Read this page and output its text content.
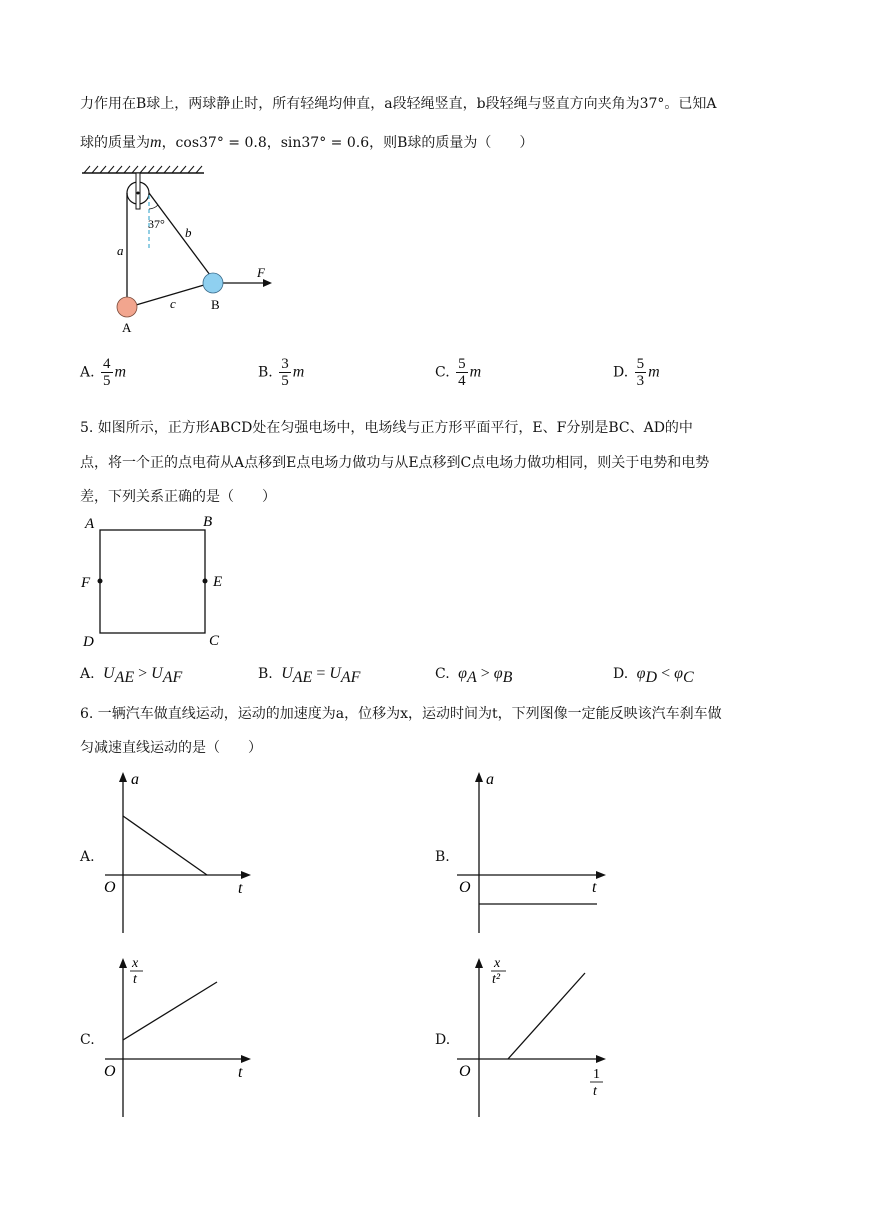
力作用在B球上，两球静止时，所有轻绳均伸直，a段轻绳竖直，b段轻绳与竖直方向夹角为37°。已知A
球的质量为m，cos37° = 0.8，sin37° = 0.6，则B球的质量为（　　）
37°
a
b
c
A
B
F
A. $\frac{4}{5}$ m	B. $\frac{3}{5}$ m	C. $\frac{5}{4}$ m	D. $\frac{5}{3}$ m
5. 如图所示，正方形ABCD处在匀强电场中，电场线与正方形平面平行，E、F分别是BC、AD的中
点，将一个正的点电荷从A点移到E点电场力做功与从E点移到C点电场力做功相同，则关于电势和电势
差，下列关系正确的是（　　）
A	B
C
D
E
F
A. $U_{AE} > U_{AF}$	B. $U_{AE} = U_{AF}$	C. $\varphi_A > \varphi_B$	D. $\varphi_D < \varphi_C$
6. 一辆汽车做直线运动，运动的加速度为a，位移为x，运动时间为t，下列图像一定能反映该汽车刹车做
匀减速直线运动的是（　　）
A.	B.
C.	D.
a
t
O
a
t
O
x
t
t
O
x
t²
1
t
O
